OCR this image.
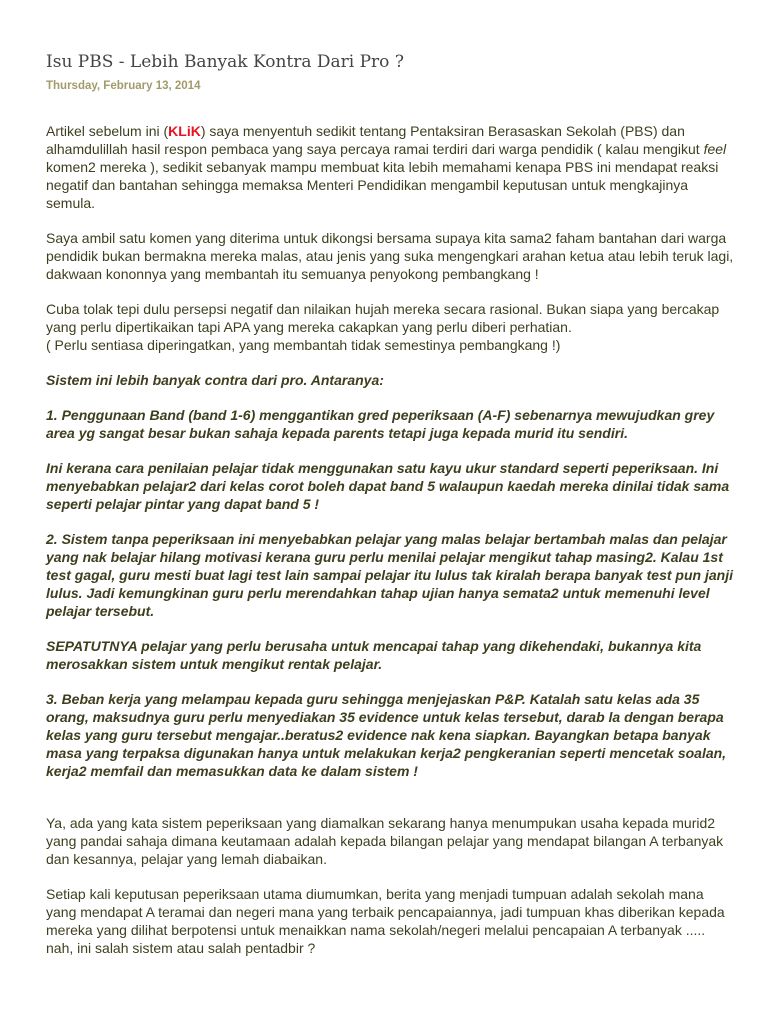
Isu PBS - Lebih Banyak Kontra Dari Pro ?
Thursday, February 13, 2014

Artikel sebelum ini (KLiK) saya menyentuh sedikit tentang Pentaksiran Berasaskan Sekolah (PBS) dan alhamdulillah hasil respon pembaca yang saya percaya ramai terdiri dari warga pendidik ( kalau mengikut feel komen2 mereka ), sedikit sebanyak mampu membuat kita lebih memahami kenapa PBS ini mendapat reaksi negatif dan bantahan sehingga memaksa Menteri Pendidikan mengambil keputusan untuk mengkajinya semula.

Saya ambil satu komen yang diterima untuk dikongsi bersama supaya kita sama2 faham bantahan dari warga pendidik bukan bermakna mereka malas, atau jenis yang suka mengengkari arahan ketua atau lebih teruk lagi, dakwaan kononnya yang membantah itu semuanya penyokong pembangkang !

Cuba tolak tepi dulu persepsi negatif dan nilaikan hujah mereka secara rasional. Bukan siapa yang bercakap yang perlu dipertikaikan tapi APA yang mereka cakapkan yang perlu diberi perhatian.
( Perlu sentiasa diperingatkan, yang membantah tidak semestinya pembangkang !)

Sistem ini lebih banyak contra dari pro. Antaranya:

1. Penggunaan Band (band 1-6) menggantikan gred peperiksaan (A-F) sebenarnya mewujudkan grey area yg sangat besar bukan sahaja kepada parents tetapi juga kepada murid itu sendiri.

Ini kerana cara penilaian pelajar tidak menggunakan satu kayu ukur standard seperti peperiksaan. Ini menyebabkan pelajar2 dari kelas corot boleh dapat band 5 walaupun kaedah mereka dinilai tidak sama seperti pelajar pintar yang dapat band 5 !

2. Sistem tanpa peperiksaan ini menyebabkan pelajar yang malas belajar bertambah malas dan pelajar yang nak belajar hilang motivasi kerana guru perlu menilai pelajar mengikut tahap masing2. Kalau 1st test gagal, guru mesti buat lagi test lain sampai pelajar itu lulus tak kiralah berapa banyak test pun janji lulus. Jadi kemungkinan guru perlu merendahkan tahap ujian hanya semata2 untuk memenuhi level pelajar tersebut.

SEPATUTNYA pelajar yang perlu berusaha untuk mencapai tahap yang dikehendaki, bukannya kita merosakkan sistem untuk mengikut rentak pelajar.

3. Beban kerja yang melampau kepada guru sehingga menjejaskan P&P. Katalah satu kelas ada 35 orang, maksudnya guru perlu menyediakan 35 evidence untuk kelas tersebut, darab la dengan berapa kelas yang guru tersebut mengajar..beratus2 evidence nak kena siapkan. Bayangkan betapa banyak masa yang terpaksa digunakan hanya untuk melakukan kerja2 pengkeranian seperti mencetak soalan, kerja2 memfail dan memasukkan data ke dalam sistem !

Ya, ada yang kata sistem peperiksaan yang diamalkan sekarang hanya menumpukan usaha kepada murid2 yang pandai sahaja dimana keutamaan adalah kepada bilangan pelajar yang mendapat bilangan A terbanyak dan kesannya, pelajar yang lemah diabaikan.

Setiap kali keputusan peperiksaan utama diumumkan, berita yang menjadi tumpuan adalah sekolah mana yang mendapat A teramai dan negeri mana yang terbaik pencapaiannya, jadi tumpuan khas diberikan kepada mereka yang dilihat berpotensi untuk menaikkan nama sekolah/negeri melalui pencapaian A terbanyak ..... nah, ini salah sistem atau salah pentadbir ?
